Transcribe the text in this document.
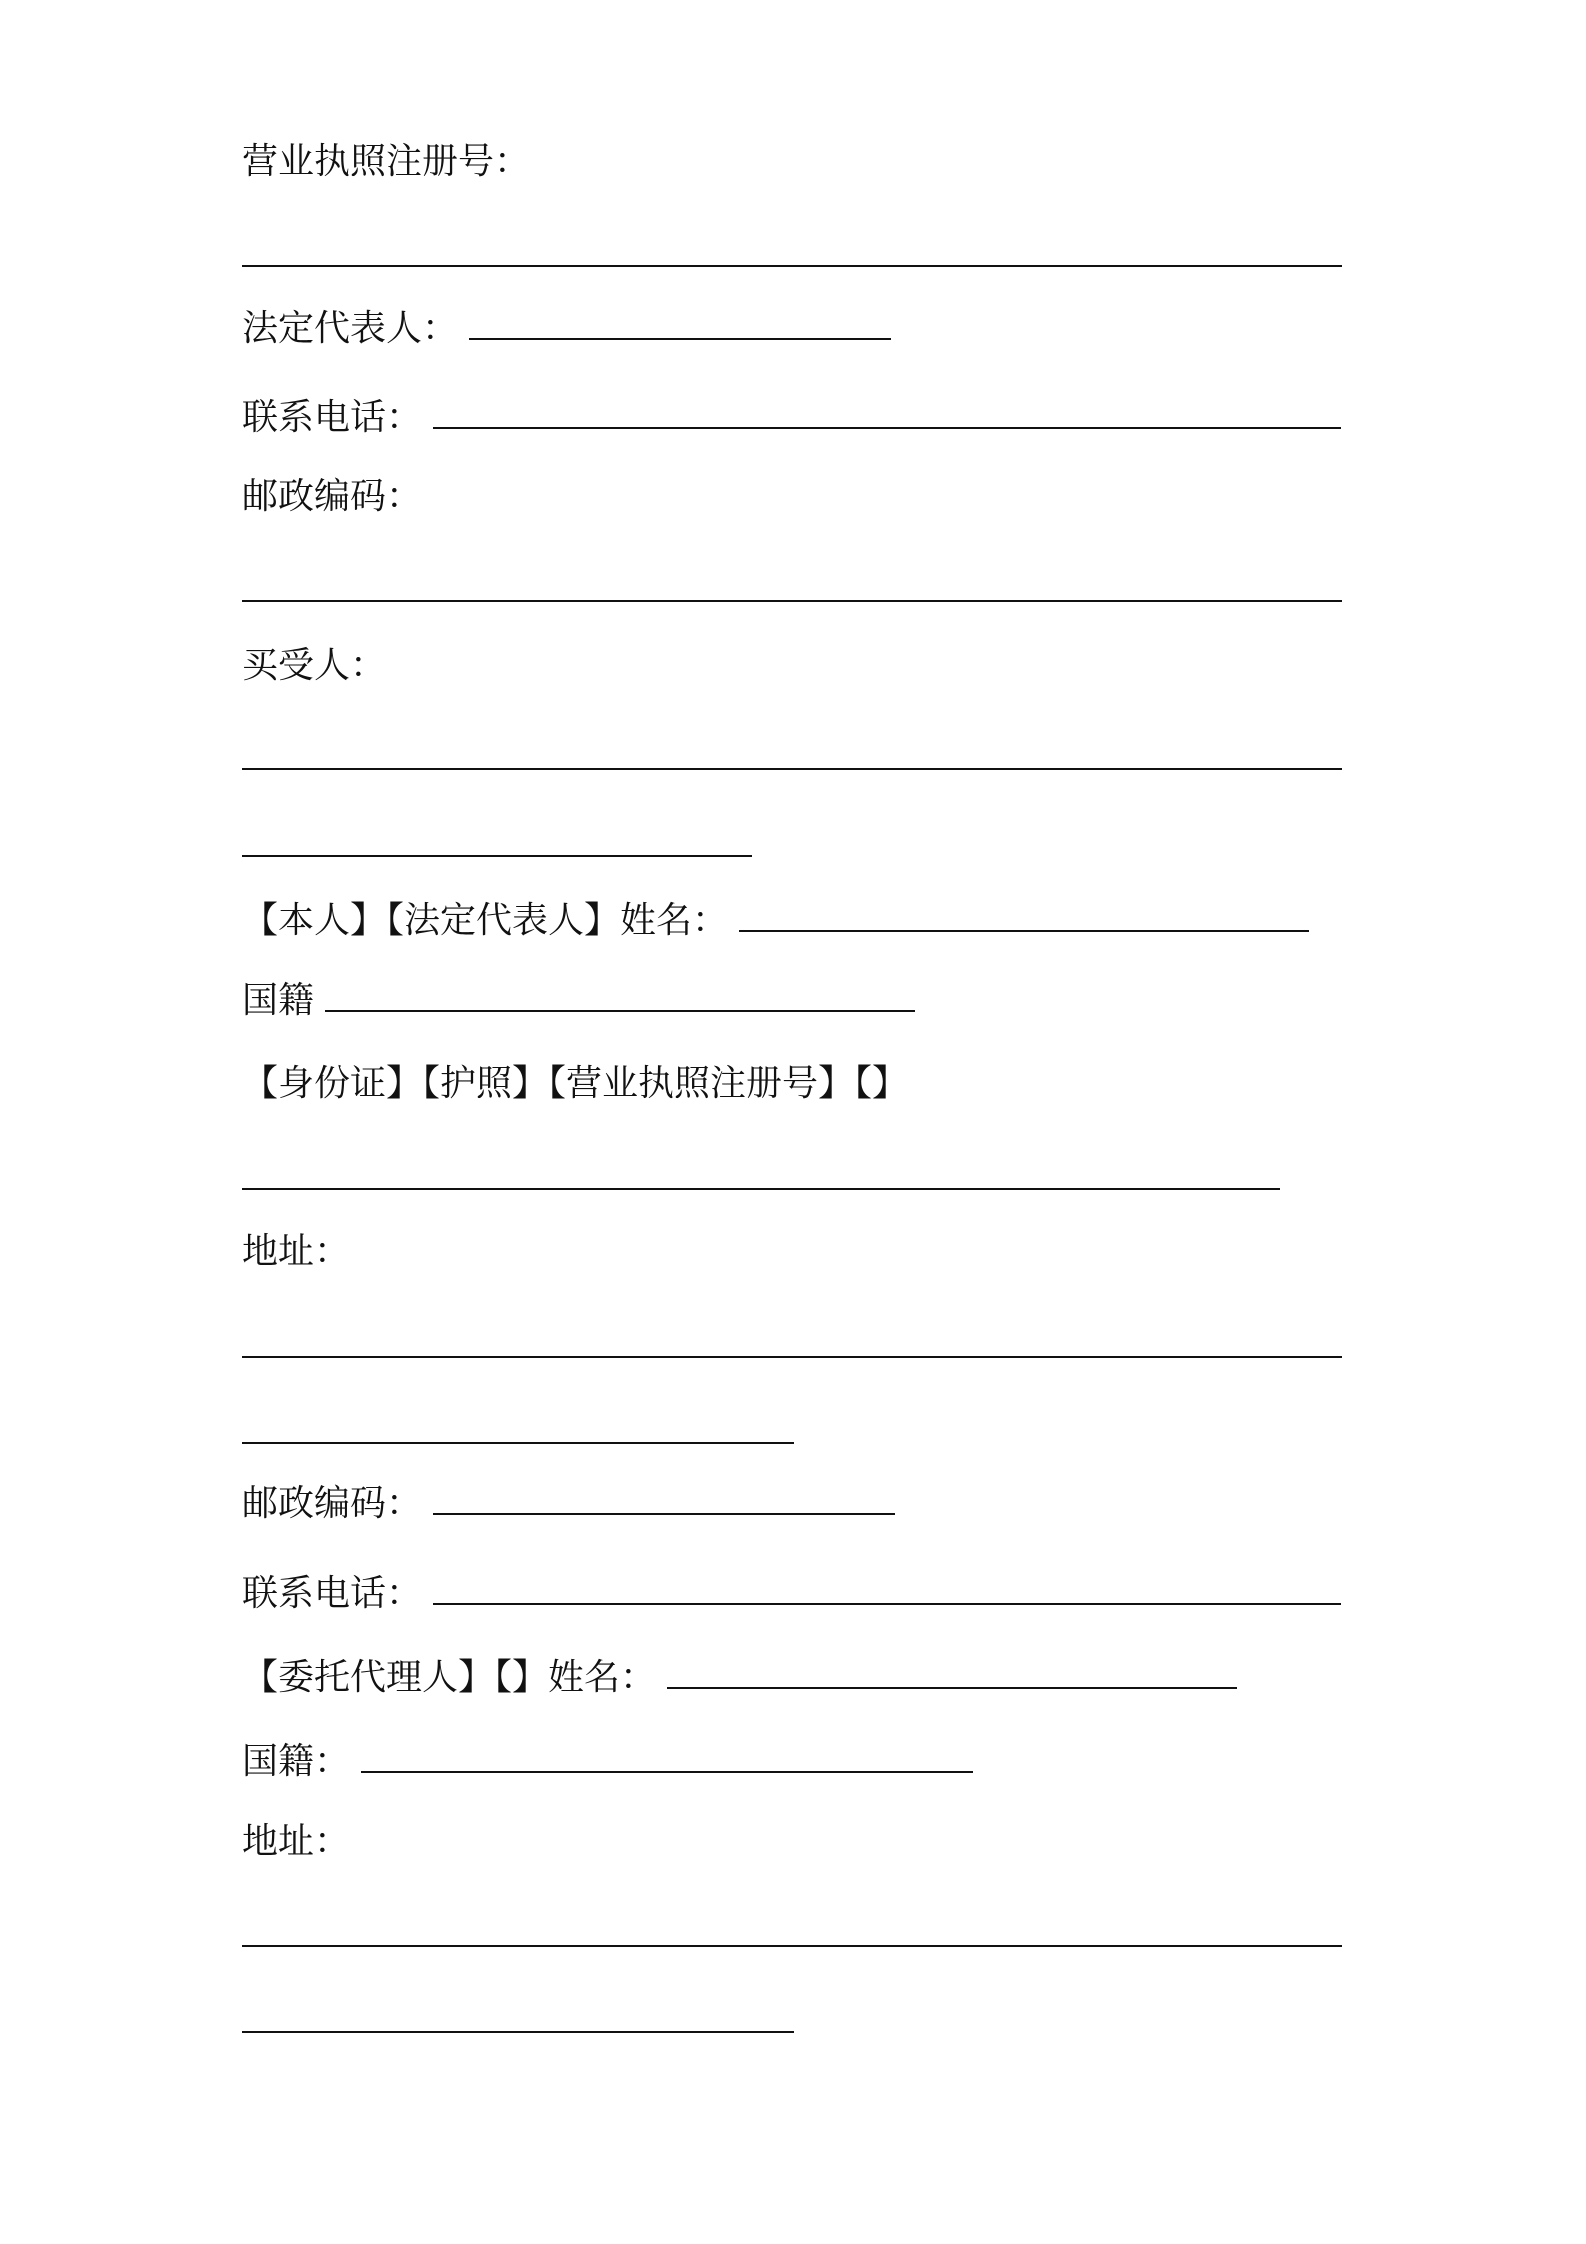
营业执照注册号：
法定代表人：
联系电话：
邮政编码：
买受人：
【本人】【法定代表人】姓名：
国籍
【身份证】【护照】【营业执照注册号】【】
地址：
邮政编码：
联系电话：
【委托代理人】【】姓名：
国籍：
地址：
